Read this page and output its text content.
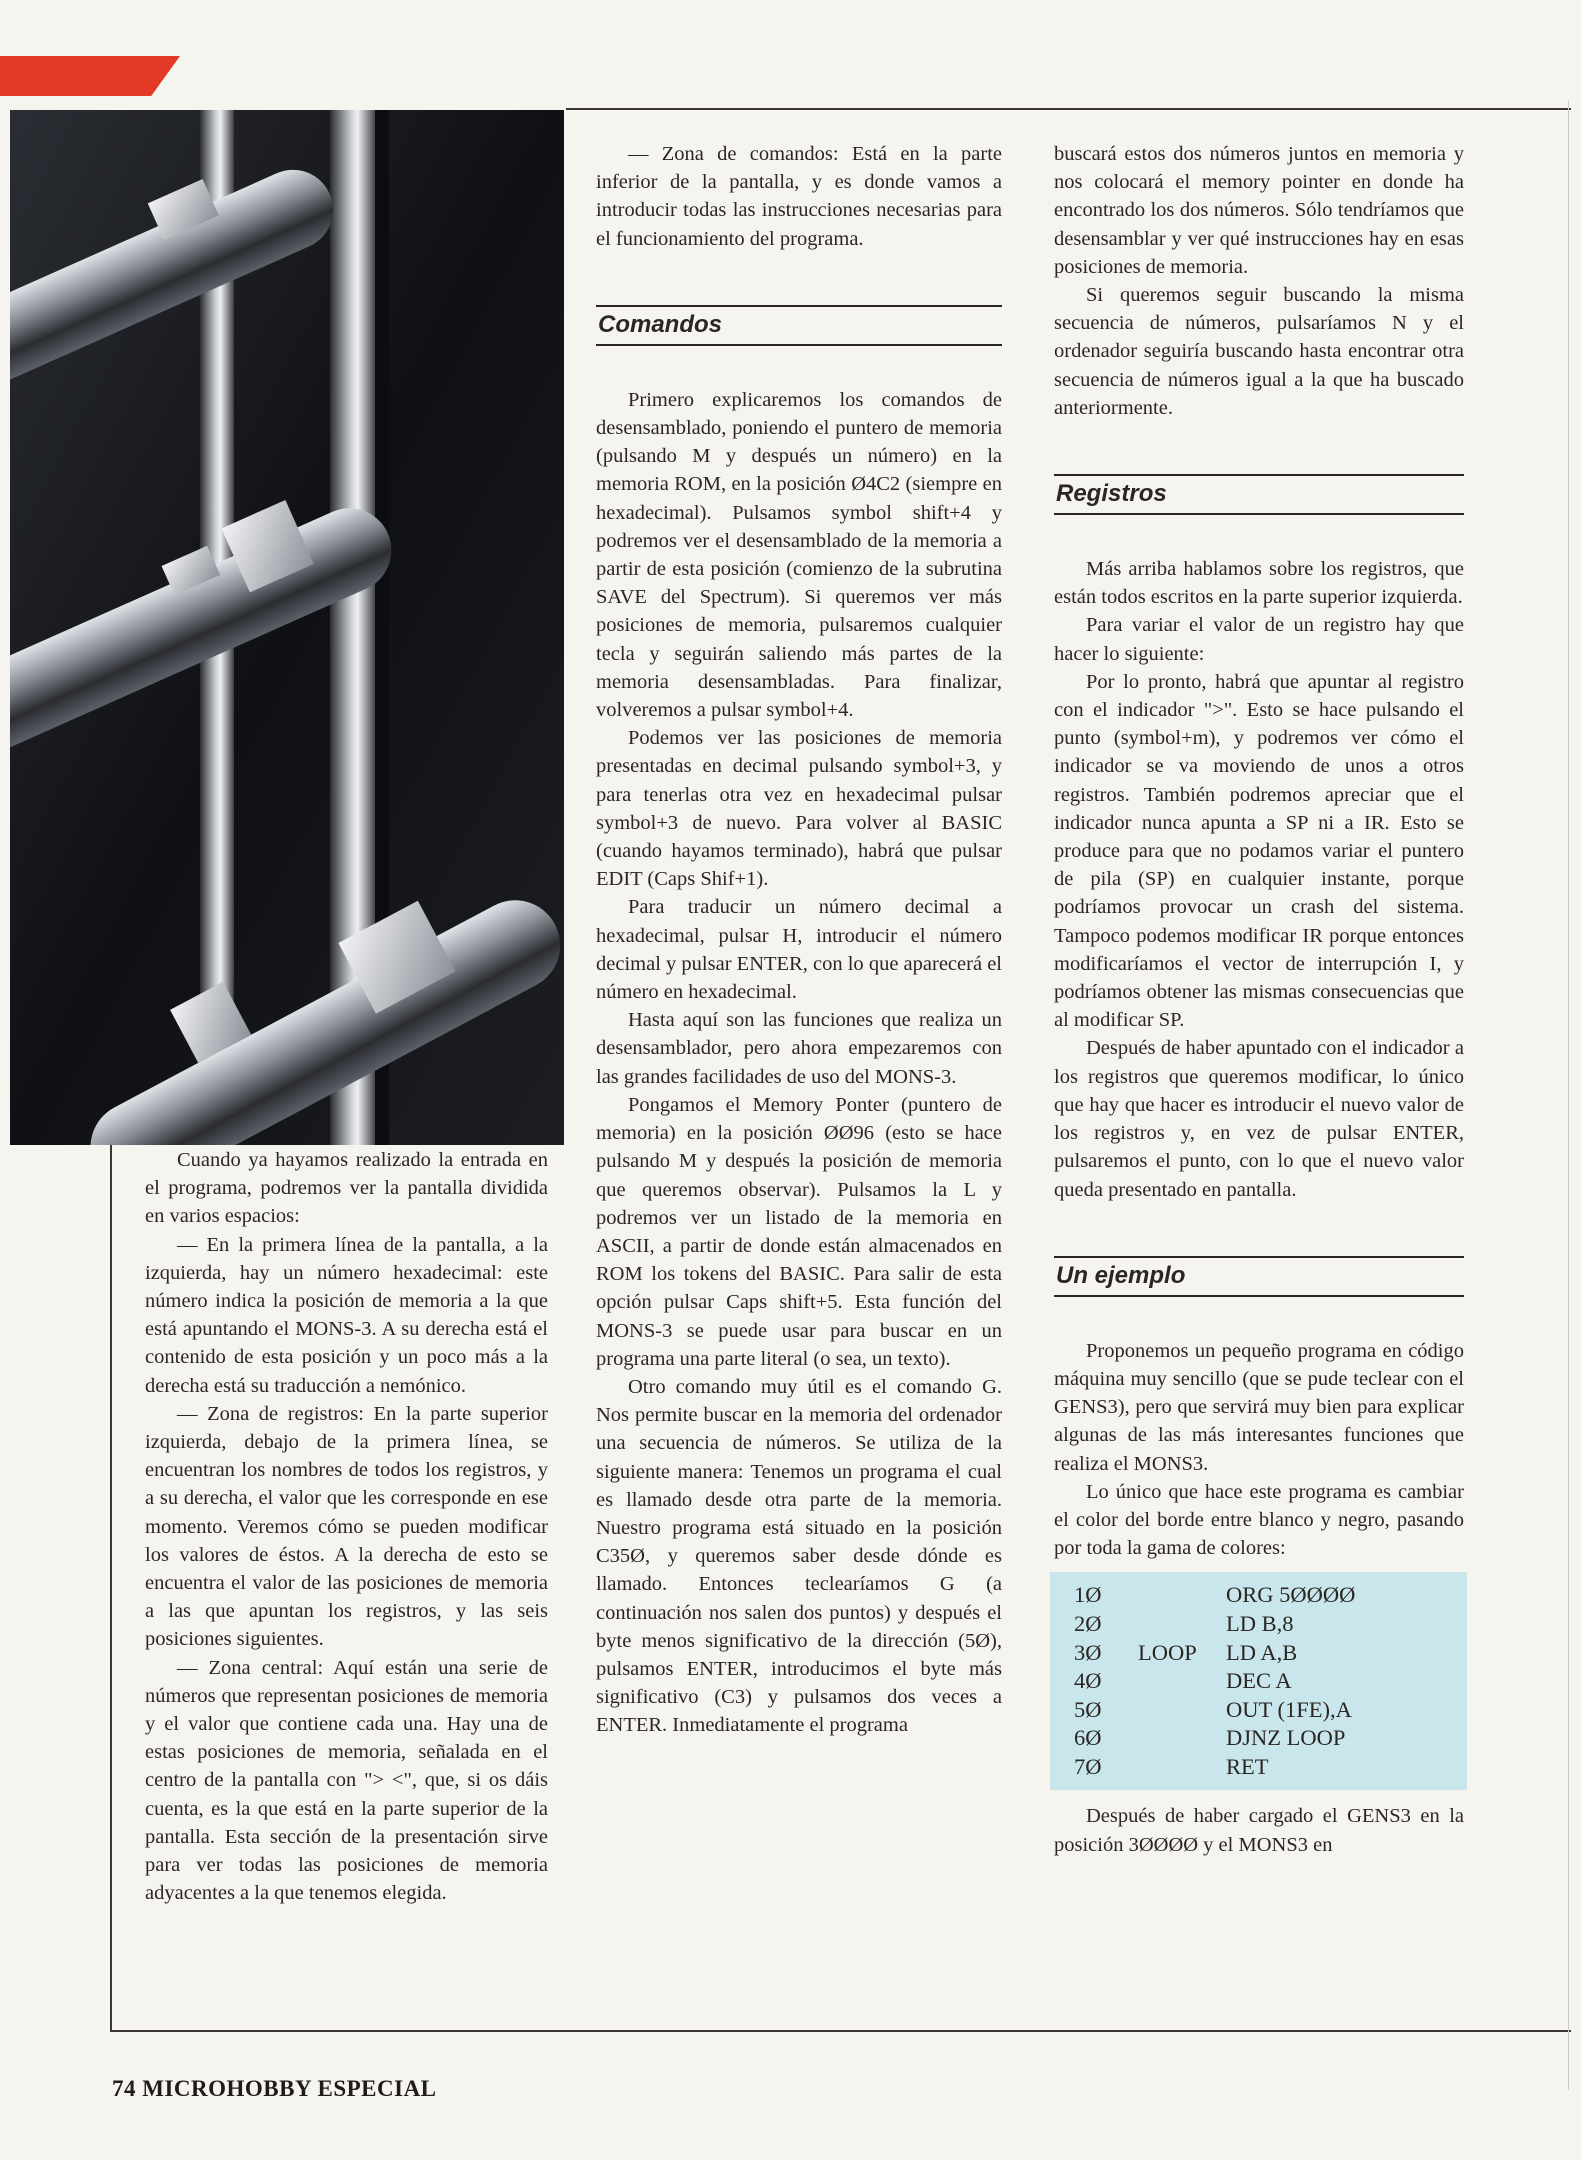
Cuando ya hayamos realizado la entrada en el programa, podremos ver la pantalla dividida en varios espacios:

— En la primera línea de la pantalla, a la izquierda, hay un número hexadecimal: este número indica la posición de memoria a la que está apuntando el MONS-3. A su derecha está el contenido de esta posición y un poco más a la derecha está su traducción a nemónico.

— Zona de registros: En la parte superior izquierda, debajo de la primera línea, se encuentran los nombres de todos los registros, y a su derecha, el valor que les corresponde en ese momento. Veremos cómo se pueden modificar los valores de éstos. A la derecha de esto se encuentra el valor de las posiciones de memoria a las que apuntan los registros, y las seis posiciones siguientes.

— Zona central: Aquí están una serie de números que representan posiciones de memoria y el valor que contiene cada una. Hay una de estas posiciones de memoria, señalada en el centro de la pantalla con "> <", que, si os dáis cuenta, es la que está en la parte superior de la pantalla. Esta sección de la presentación sirve para ver todas las posiciones de memoria adyacentes a la que tenemos elegida.

— Zona de comandos: Está en la parte inferior de la pantalla, y es donde vamos a introducir todas las instrucciones necesarias para el funcionamiento del programa.

Comandos

Primero explicaremos los comandos de desensamblado, poniendo el puntero de memoria (pulsando M y después un número) en la memoria ROM, en la posición Ø4C2 (siempre en hexadecimal). Pulsamos symbol shift+4 y podremos ver el desensamblado de la memoria a partir de esta posición (comienzo de la subrutina SAVE del Spectrum). Si queremos ver más posiciones de memoria, pulsaremos cualquier tecla y seguirán saliendo más partes de la memoria desensambladas. Para finalizar, volveremos a pulsar symbol+4.

Podemos ver las posiciones de memoria presentadas en decimal pulsando symbol+3, y para tenerlas otra vez en hexadecimal pulsar symbol+3 de nuevo. Para volver al BASIC (cuando hayamos terminado), habrá que pulsar EDIT (Caps Shif+1).

Para traducir un número decimal a hexadecimal, pulsar H, introducir el número decimal y pulsar ENTER, con lo que aparecerá el número en hexadecimal.

Hasta aquí son las funciones que realiza un desensamblador, pero ahora empezaremos con las grandes facilidades de uso del MONS-3.

Pongamos el Memory Ponter (puntero de memoria) en la posición ØØ96 (esto se hace pulsando M y después la posición de memoria que queremos observar). Pulsamos la L y podremos ver un listado de la memoria en ASCII, a partir de donde están almacenados en ROM los tokens del BASIC. Para salir de esta opción pulsar Caps shift+5. Esta función del MONS-3 se puede usar para buscar en un programa una parte literal (o sea, un texto).

Otro comando muy útil es el comando G. Nos permite buscar en la memoria del ordenador una secuencia de números. Se utiliza de la siguiente manera: Tenemos un programa el cual es llamado desde otra parte de la memoria. Nuestro programa está situado en la posición C35Ø, y queremos saber desde dónde es llamado. Entonces teclearíamos G (a continuación nos salen dos puntos) y después el byte menos significativo de la dirección (5Ø), pulsamos ENTER, introducimos el byte más significativo (C3) y pulsamos dos veces a ENTER. Inmediatamente el programa

buscará estos dos números juntos en memoria y nos colocará el memory pointer en donde ha encontrado los dos números. Sólo tendríamos que desensamblar y ver qué instrucciones hay en esas posiciones de memoria.

Si queremos seguir buscando la misma secuencia de números, pulsaríamos N y el ordenador seguiría buscando hasta encontrar otra secuencia de números igual a la que ha buscado anteriormente.

Registros

Más arriba hablamos sobre los registros, que están todos escritos en la parte superior izquierda.

Para variar el valor de un registro hay que hacer lo siguiente:

Por lo pronto, habrá que apuntar al registro con el indicador ">". Esto se hace pulsando el punto (symbol+m), y podremos ver cómo el indicador se va moviendo de unos a otros registros. También podremos apreciar que el indicador nunca apunta a SP ni a IR. Esto se produce para que no podamos variar el puntero de pila (SP) en cualquier instante, porque podríamos provocar un crash del sistema. Tampoco podemos modificar IR porque entonces modificaríamos el vector de interrupción I, y podríamos obtener las mismas consecuencias que al modificar SP.

Después de haber apuntado con el indicador a los registros que queremos modificar, lo único que hay que hacer es introducir el nuevo valor de los registros y, en vez de pulsar ENTER, pulsaremos el punto, con lo que el nuevo valor queda presentado en pantalla.

Un ejemplo

Proponemos un pequeño programa en código máquina muy sencillo (que se pude teclear con el GENS3), pero que servirá muy bien para explicar algunas de las más interesantes funciones que realiza el MONS3.

Lo único que hace este programa es cambiar el color del borde entre blanco y negro, pasando por toda la gama de colores:

1Ø	ORG 5ØØØØ
2Ø	LD B,8
3Ø	LOOP	LD A,B
4Ø	DEC A
5Ø	OUT (1FE),A
6Ø	DJNZ LOOP
7Ø	RET

Después de haber cargado el GENS3 en la posición 3ØØØØ y el MONS3 en

74 MICROHOBBY ESPECIAL
